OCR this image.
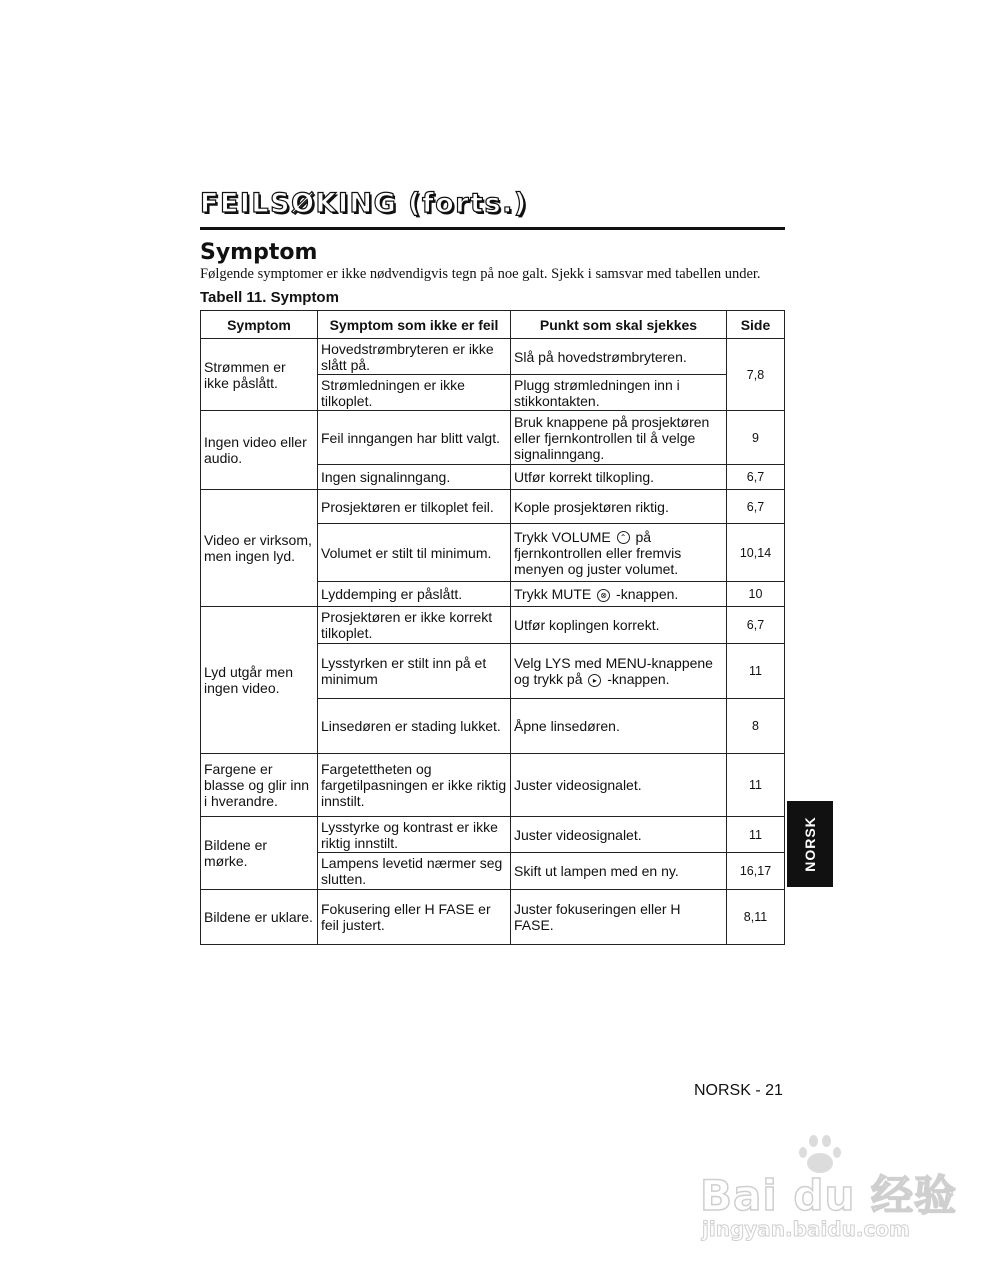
FEILSØKING (forts.)
Symptom

Følgende symptomer er ikke nødvendigvis tegn på noe galt. Sjekk i samsvar med tabellen under.

Tabell 11. Symptom

Symptom	Symptom som ikke er feil	Punkt som skal sjekkes	Side
Strømmen er ikke påslått.	Hovedstrømbryteren er ikke slått på.	Slå på hovedstrømbryteren.	7,8
	Strømledningen er ikke tilkoplet.	Plugg strømledningen inn i stikkontakten.	
Ingen video eller audio.	Feil inngangen har blitt valgt.	Bruk knappene på prosjektøren eller fjernkontrollen til å velge signalinngang.	9
	Ingen signalinngang.	Utfør korrekt tilkopling.	6,7
Video er virksom, men ingen lyd.	Prosjektøren er tilkoplet feil.	Kople prosjektøren riktig.	6,7
	Volumet er stilt til minimum.	Trykk VOLUME ⌃ på fjernkontrollen eller fremvis menyen og juster volumet.	10,14
	Lyddemping er påslått.	Trykk MUTE ⊗ -knappen.	10
Lyd utgår men ingen video.	Prosjektøren er ikke korrekt tilkoplet.	Utfør koplingen korrekt.	6,7
	Lysstyrken er stilt inn på et minimum	Velg LYS med MENU-knappene og trykk på ▸ -knappen.	11
	Linsedøren er stading lukket.	Åpne linsedøren.	8
Fargene er blasse og glir inn i hverandre.	Fargetettheten og fargetilpasningen er ikke riktig innstilt.	Juster videosignalet.	11
Bildene er mørke.	Lysstyrke og kontrast er ikke riktig innstilt.	Juster videosignalet.	11
	Lampens levetid nærmer seg slutten.	Skift ut lampen med en ny.	16,17
Bildene er uklare.	Fokusering eller H FASE er feil justert.	Juster fokuseringen eller H FASE.	8,11
NORSK

NORSK - 21

Bai du 经验
jingyan.baidu.com
